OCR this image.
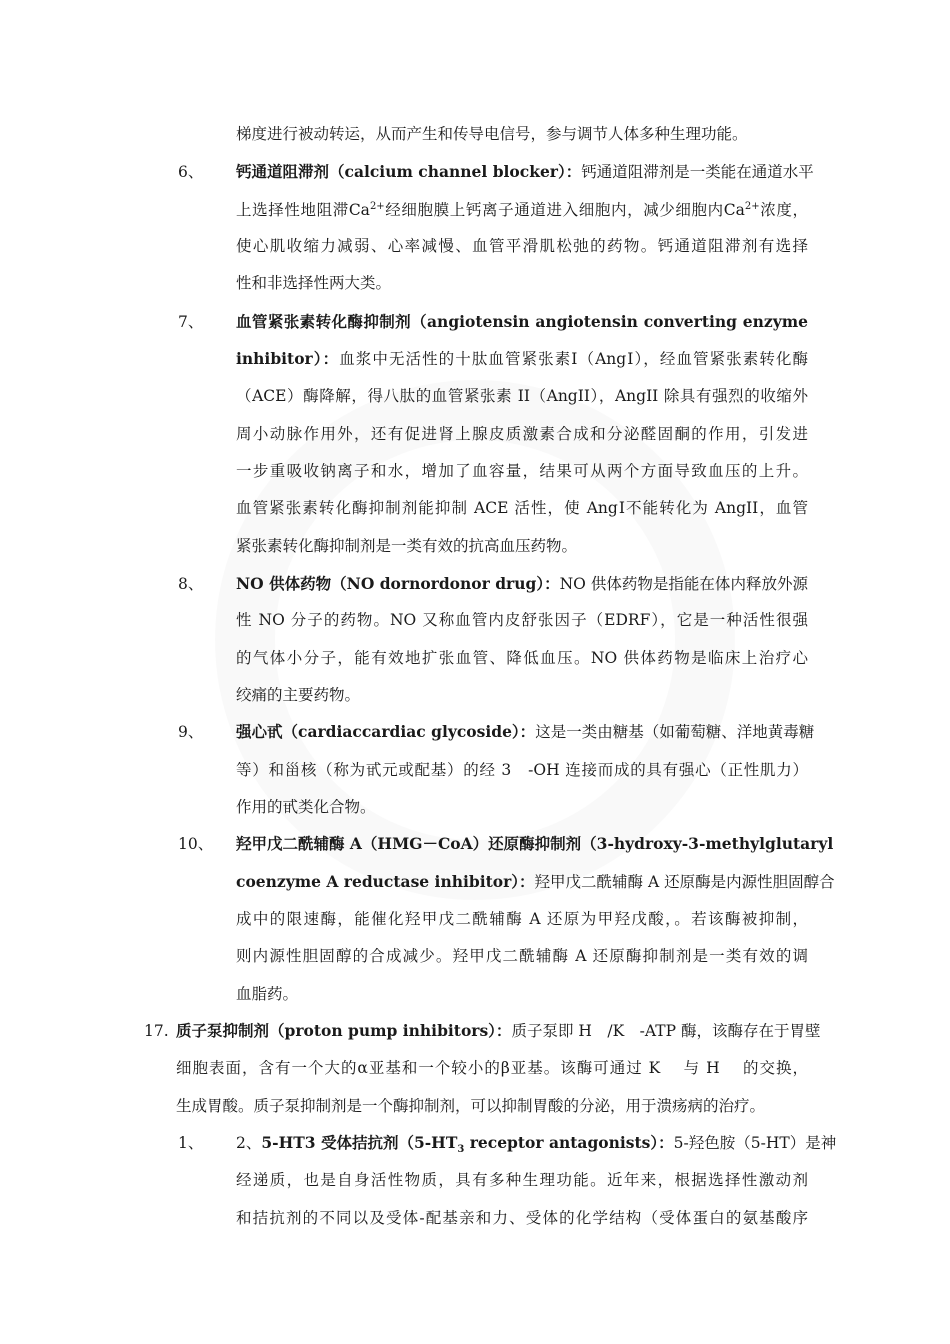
梯度进行被动转运，从而产生和传导电信号，参与调节人体多种生理功能。
6、 钙通道阻滞剂（calcium channel blocker）：钙通道阻滞剂是一类能在通道水平
上选择性地阻滞$Ca^{2+}$经细胞膜上钙离子通道进入细胞内，减少细胞内$Ca^{2+}$浓度，
使心肌收缩力减弱、心率减慢、血管平滑肌松弛的药物。钙通道阻滞剂有选择
性和非选择性两大类。
7、 血管紧张素转化酶抑制剂（angiotensin angiotensin converting enzyme
inhibitor）：血浆中无活性的十肽血管紧张素Ⅰ（AngⅠ），经血管紧张素转化酶
（ACE）酶降解，得八肽的血管紧张素 II（AngII），AngII 除具有强烈的收缩外
周小动脉作用外，还有促进肾上腺皮质激素合成和分泌醛固酮的作用，引发进
一步重吸收钠离子和水，增加了血容量，结果可从两个方面导致血压的上升。
血管紧张素转化酶抑制剂能抑制 ACE 活性，使 AngⅠ不能转化为 AngII，血管
紧张素转化酶抑制剂是一类有效的抗高血压药物。
8、 NO 供体药物（NO dornordonor drug）：NO 供体药物是指能在体内释放外源
性 NO 分子的药物。NO 又称血管内皮舒张因子（EDRF），它是一种活性很强
的气体小分子，能有效地扩张血管、降低血压。NO 供体药物是临床上治疗心
绞痛的主要药物。
9、 强心甙（cardiaccardiac glycoside）：这是一类由糖基（如葡萄糖、洋地黄毒糖
等）和甾核（称为甙元或配基）的经 3　-OH 连接而成的具有强心（正性肌力）
作用的甙类化合物。
10、 羟甲戊二酰辅酶 A（HMG－CoA）还原酶抑制剂（3-hydroxy-3-methylglutaryl
coenzyme A reductase inhibitor）：羟甲戊二酰辅酶 A 还原酶是内源性胆固醇合
成中的限速酶，能催化羟甲戊二酰辅酶 A 还原为甲羟戊酸，。若该酶被抑制，
则内源性胆固醇的合成减少。羟甲戊二酰辅酶 A 还原酶抑制剂是一类有效的调
血脂药。
17. 质子泵抑制剂（proton pump inhibitors）：质子泵即 H　/K　-ATP 酶，该酶存在于胃壁
细胞表面，含有一个大的α亚基和一个较小的β亚基。该酶可通过 K　 与 H　 的交换，
生成胃酸。质子泵抑制剂是一个酶抑制剂，可以抑制胃酸的分泌，用于溃疡病的治疗。
1、 2、5-HT3 受体拮抗剂（$5-HT_3$ receptor antagonists）：5-羟色胺（5-HT）是神
经递质，也是自身活性物质，具有多种生理功能。近年来，根据选择性激动剂
和拮抗剂的不同以及受体-配基亲和力、受体的化学结构（受体蛋白的氨基酸序
